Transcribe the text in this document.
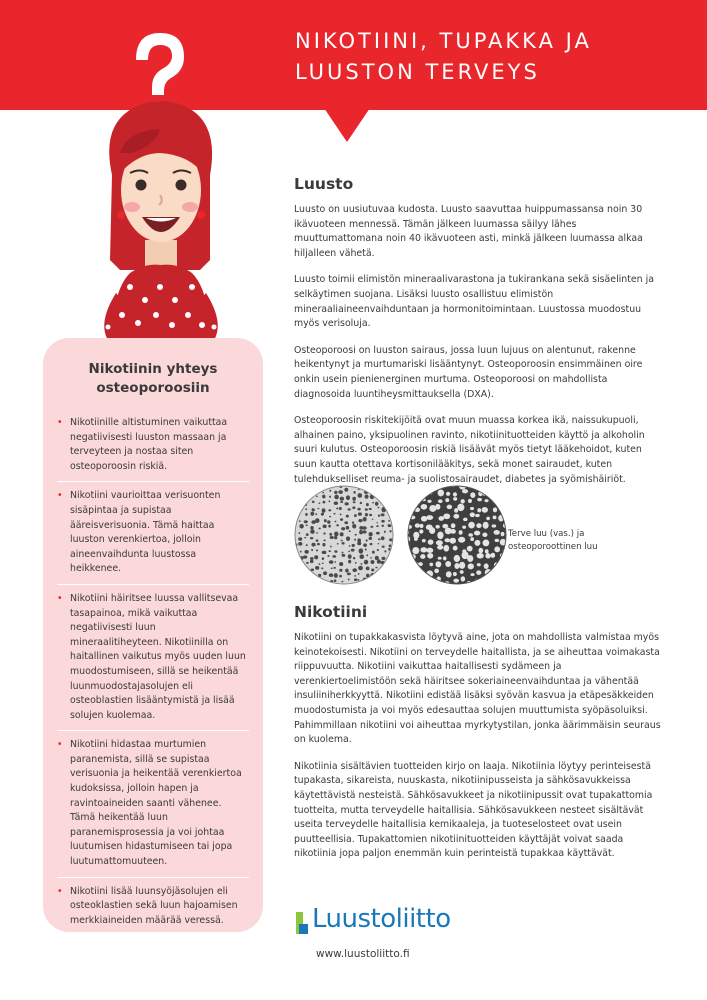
NIKOTIINI, TUPAKKA JA
LUUSTON TERVEYS
Nikotiinin yhteys
osteoporoosiin
• Nikotiinille altistuminen vaikuttaa negatiivisesti luuston massaan ja terveyteen ja nostaa siten osteoporoosin riskiä.
• Nikotiini vaurioittaa verisuonten sisäpintaa ja supistaa ääreisverisuonia. Tämä haittaa luuston verenkiertoa, jolloin aineenvaihdunta luustossa heikkenee.
• Nikotiini häiritsee luussa vallitsevaa tasapainoa, mikä vaikuttaa negatiivisesti luun mineraalitiheyteen. Nikotiinilla on haitallinen vaikutus myös uuden luun muodostumiseen, sillä se heikentää luunmuodostajasolujen eli osteoblastien lisääntymistä ja lisää solujen kuolemaa.
• Nikotiini hidastaa murtumien paranemista, sillä se supistaa verisuonia ja heikentää verenkiertoa kudoksissa, jolloin hapen ja ravintoaineiden saanti vähenee. Tämä heikentää luun paranemisprosessia ja voi johtaa luutumisen hidastumiseen tai jopa luutumattomuuteen.
• Nikotiini lisää luunsyöjäsolujen eli osteoklastien sekä luun hajoamisen merkkiaineiden määrää veressä.
Luusto

Luusto on uusiutuvaa kudosta. Luusto saavuttaa huippumassansa noin 30 ikävuoteen mennessä. Tämän jälkeen luumassa säilyy lähes muuttumattomana noin 40 ikävuoteen asti, minkä jälkeen luumassa alkaa hiljalleen vähetä.

Luusto toimii elimistön mineraalivarastona ja tukirankana sekä sisäelinten ja selkäytimen suojana. Lisäksi luusto osallistuu elimistön mineraaliaineenvaihduntaan ja hormonitoimintaan. Luustossa muodostuu myös verisoluja.

Osteoporoosi on luuston sairaus, jossa luun lujuus on alentunut, rakenne heikentynyt ja murtumariski lisääntynyt. Osteoporoosin ensimmäinen oire onkin usein pienienerginen murtuma. Osteoporoosi on mahdollista diagnosoida luuntiheysmittauksella (DXA).

Osteoporoosin riskitekijöitä ovat muun muassa korkea ikä, naissukupuoli, alhainen paino, yksipuolinen ravinto, nikotiinituotteiden käyttö ja alkoholin suuri kulutus. Osteoporoosin riskiä lisäävät myös tietyt lääkehoidot, kuten suun kautta otettava kortisonilääkitys, sekä monet sairaudet, kuten tulehdukselliset reuma- ja suolistosairaudet, diabetes ja syömishäiriöt.

Terve luu (vas.) ja
osteoporoottinen luu
Nikotiini

Nikotiini on tupakkakasvista löytyvä aine, jota on mahdollista valmistaa myös keinotekoisesti. Nikotiini on terveydelle haitallista, ja se aiheuttaa voimakasta riippuvuutta. Nikotiini vaikuttaa haitallisesti sydämeen ja verenkiertoelimistöön sekä häiritsee sokeriaineenvaihduntaa ja vähentää insuliiniherkkyyttä. Nikotiini edistää lisäksi syövän kasvua ja etäpesäkkeiden muodostumista ja voi myös edesauttaa solujen muuttumista syöpäsoluiksi. Pahimmillaan nikotiini voi aiheuttaa myrkytystilan, jonka äärimmäisin seuraus on kuolema.

Nikotiinia sisältävien tuotteiden kirjo on laaja. Nikotiinia löytyy perinteisestä tupakasta, sikareista, nuuskasta, nikotiinipusseista ja sähkösavukkeissa käytettävistä nesteistä. Sähkösavukkeet ja nikotiinipussit ovat tupakattomia tuotteita, mutta terveydelle haitallisia. Sähkösavukkeen nesteet sisältävät useita terveydelle haitallisia kemikaaleja, ja tuoteselosteet ovat usein puutteellisia. Tupakattomien nikotiinituotteiden käyttäjät voivat saada nikotiinia jopa paljon enemmän kuin perinteistä tupakkaa käyttävät.

Luustoliitto
www.luustoliitto.fi
